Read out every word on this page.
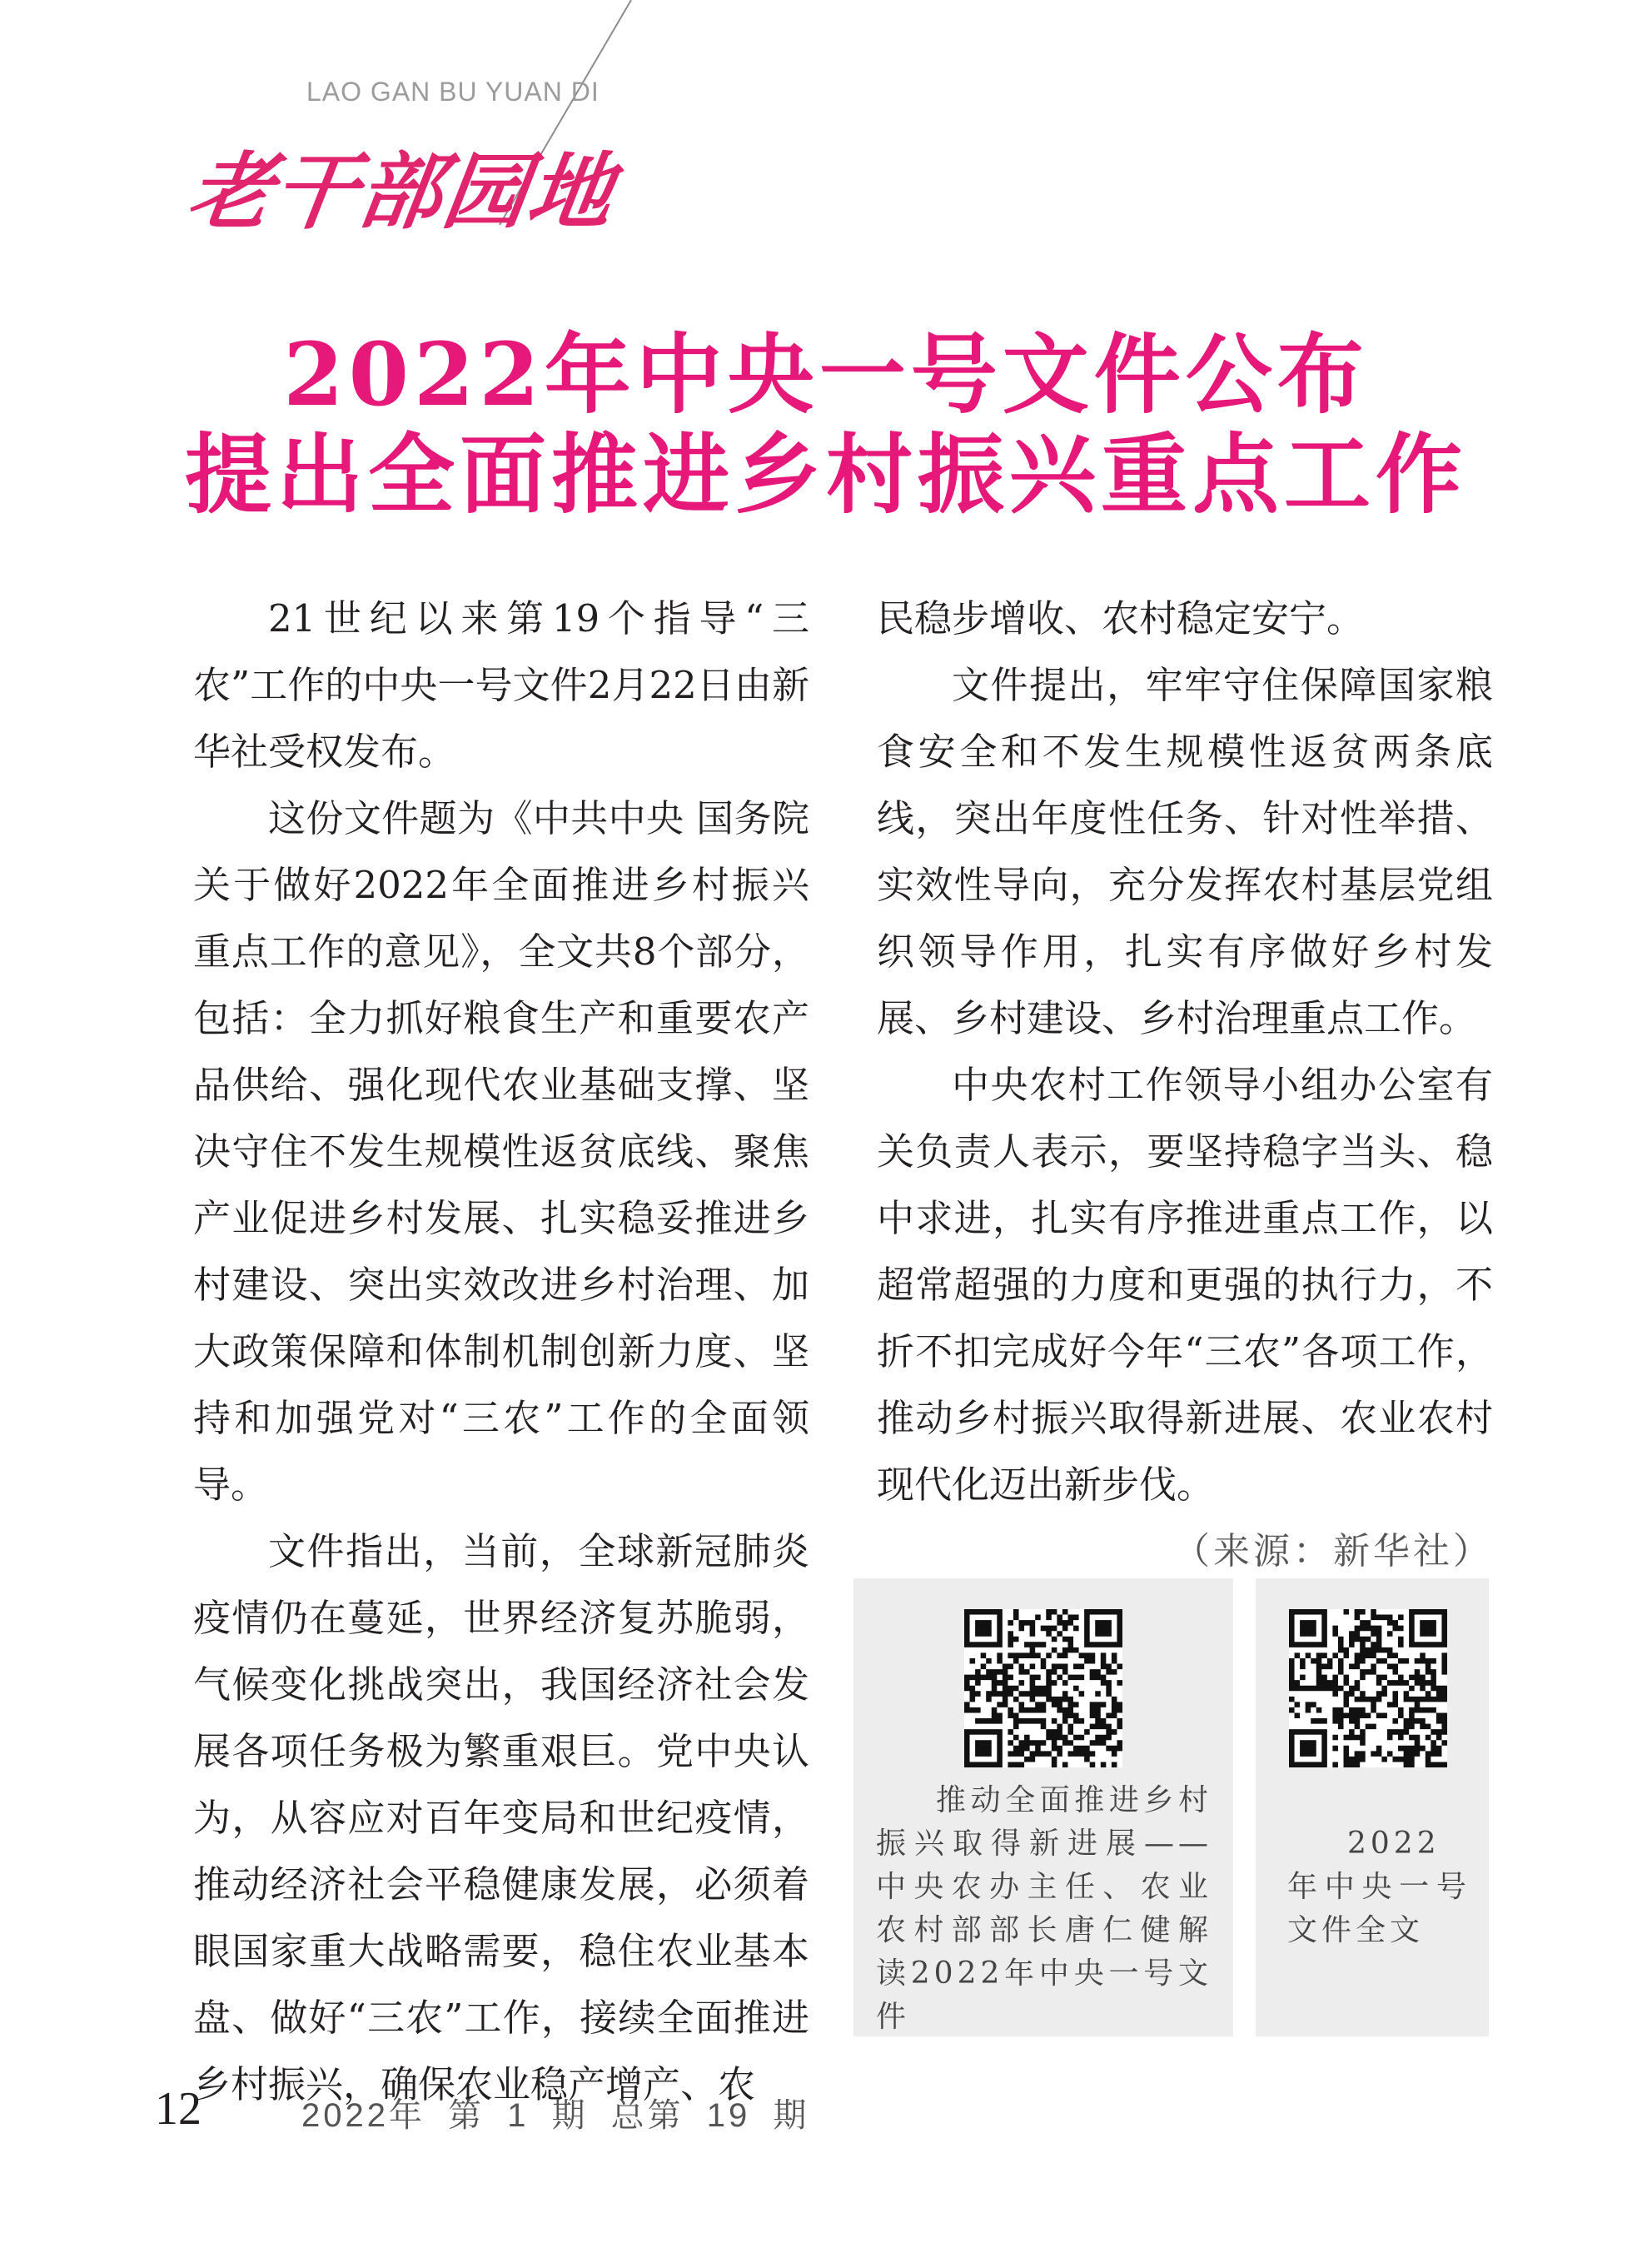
LAO GAN BU YUAN DI
老干部园地
2022年中央一号文件公布
提出全面推进乡村振兴重点工作

21世纪以来第19个指导“三农”工作的中央一号文件2月22日由新华社受权发布。

这份文件题为《中共中央 国务院关于做好2022年全面推进乡村振兴重点工作的意见》，全文共8个部分，包括：全力抓好粮食生产和重要农产品供给、强化现代农业基础支撑、坚决守住不发生规模性返贫底线、聚焦产业促进乡村发展、扎实稳妥推进乡村建设、突出实效改进乡村治理、加大政策保障和体制机制创新力度、坚持和加强党对“三农”工作的全面领导。

文件指出，当前，全球新冠肺炎疫情仍在蔓延，世界经济复苏脆弱，气候变化挑战突出，我国经济社会发展各项任务极为繁重艰巨。党中央认为，从容应对百年变局和世纪疫情，推动经济社会平稳健康发展，必须着眼国家重大战略需要，稳住农业基本盘、做好“三农”工作，接续全面推进乡村振兴，确保农业稳产增产、农

民稳步增收、农村稳定安宁。

文件提出，牢牢守住保障国家粮食安全和不发生规模性返贫两条底线，突出年度性任务、针对性举措、实效性导向，充分发挥农村基层党组织领导作用，扎实有序做好乡村发展、乡村建设、乡村治理重点工作。

中央农村工作领导小组办公室有关负责人表示，要坚持稳字当头、稳中求进，扎实有序推进重点工作，以超常超强的力度和更强的执行力，不折不扣完成好今年“三农”各项工作，推动乡村振兴取得新进展、农业农村现代化迈出新步伐。

（来源：新华社）
推动全面推进乡村振兴取得新进展——中央农办主任、农业农村部部长唐仁健解读2022年中央一号文件
2022年中央一号文件全文
12	2022年 第 1 期 总第 19 期
